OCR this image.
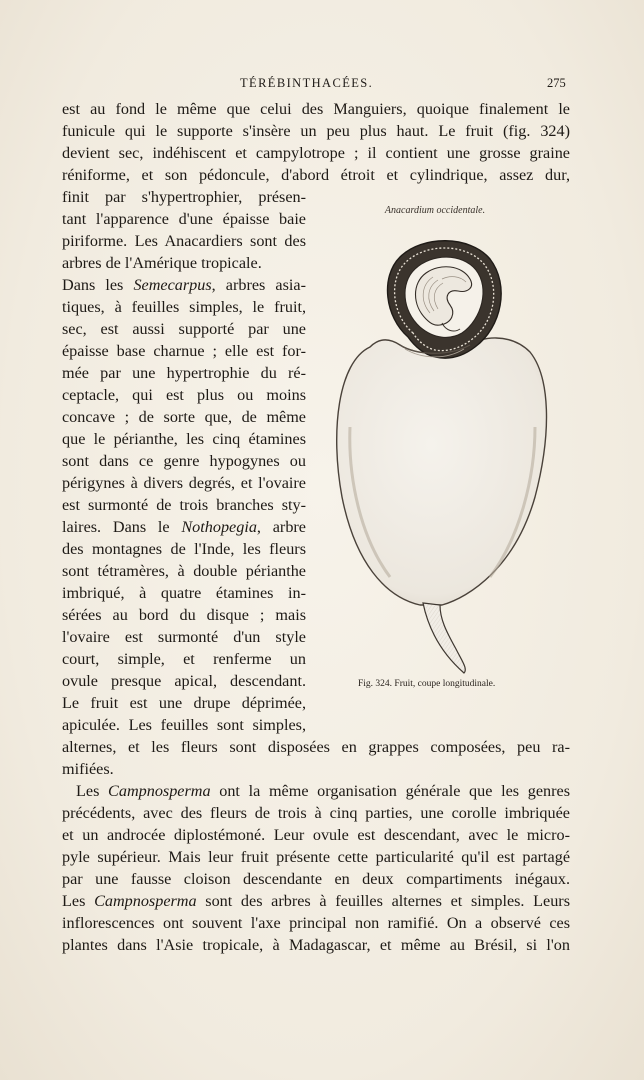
TÉRÉBINTHACÉES.	275
est au fond le même que celui des Manguiers, quoique finalement le
funicule qui le supporte s'insère un peu plus haut. Le fruit (fig. 324)
devient sec, indéhiscent et campylotrope ; il contient une grosse graine
réniforme, et son pédoncule, d'abord étroit et cylindrique, assez dur,
finit par s'hypertrophier, présen-
tant l'apparence d'une épaisse baie
piriforme. Les Anacardiers sont des
arbres de l'Amérique tropicale.
Dans les Semecarpus, arbres asia-
tiques, à feuilles simples, le fruit,
sec, est aussi supporté par une
épaisse base charnue ; elle est for-
mée par une hypertrophie du ré-
ceptacle, qui est plus ou moins
concave ; de sorte que, de même
que le périanthe, les cinq étamines
sont dans ce genre hypogynes ou
périgynes à divers degrés, et l'ovaire
est surmonté de trois branches sty-
laires. Dans le Nothopegia, arbre
des montagnes de l'Inde, les fleurs
sont tétramères, à double périanthe
imbriqué, à quatre étamines in-
sérées au bord du disque ; mais
l'ovaire est surmonté d'un style
court, simple, et renferme un
ovule presque apical, descendant.
Le fruit est une drupe déprimée,
apiculée. Les feuilles sont simples,
alternes, et les fleurs sont disposées en grappes composées, peu ra-
mifiées.
Les Campnosperma ont la même organisation générale que les genres
précédents, avec des fleurs de trois à cinq parties, une corolle imbriquée
et un androcée diplostémoné. Leur ovule est descendant, avec le micro-
pyle supérieur. Mais leur fruit présente cette particularité qu'il est partagé
par une fausse cloison descendante en deux compartiments inégaux.
Les Campnosperma sont des arbres à feuilles alternes et simples. Leurs
inflorescences ont souvent l'axe principal non ramifié. On a observé ces
plantes dans l'Asie tropicale, à Madagascar, et même au Brésil, si l'on
Anacardium occidentale.
Fig. 324. Fruit, coupe longitudinale.
